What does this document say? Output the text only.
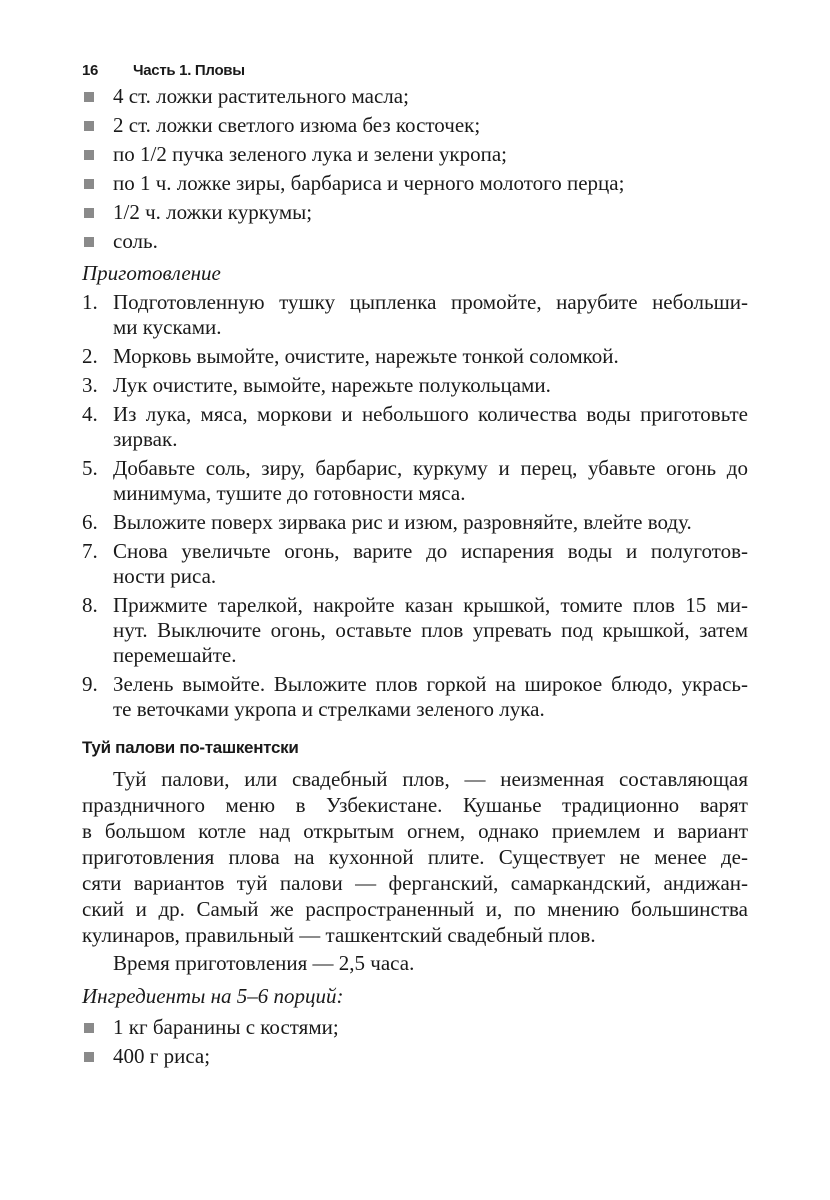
16 Часть 1. Пловы
4 ст. ложки растительного масла;
2 ст. ложки светлого изюма без косточек;
по 1/2 пучка зеленого лука и зелени укропа;
по 1 ч. ложке зиры, барбариса и черного молотого перца;
1/2 ч. ложки куркумы;
соль.
Приготовление
1. Подготовленную тушку цыпленка промойте, нарубите небольши-
ми кусками.
2. Морковь вымойте, очистите, нарежьте тонкой соломкой.
3. Лук очистите, вымойте, нарежьте полукольцами.
4. Из лука, мяса, моркови и небольшого количества воды приготовьте
зирвак.
5. Добавьте соль, зиру, барбарис, куркуму и перец, убавьте огонь до
минимума, тушите до готовности мяса.
6. Выложите поверх зирвака рис и изюм, разровняйте, влейте воду.
7. Снова увеличьте огонь, варите до испарения воды и полуготов-
ности риса.
8. Прижмите тарелкой, накройте казан крышкой, томите плов 15 ми-
нут. Выключите огонь, оставьте плов упревать под крышкой, затем
перемешайте.
9. Зелень вымойте. Выложите плов горкой на широкое блюдо, укрась-
те веточками укропа и стрелками зеленого лука.
Туй палови по-ташкентски
Туй палови, или свадебный плов, — неизменная составляющая
праздничного меню в Узбекистане. Кушанье традиционно варят
в большом котле над открытым огнем, однако приемлем и вариант
приготовления плова на кухонной плите. Существует не менее де-
сяти вариантов туй палови — ферганский, самаркандский, андижан-
ский и др. Самый же распространенный и, по мнению большинства
кулинаров, правильный — ташкентский свадебный плов.
Время приготовления — 2,5 часа.
Ингредиенты на 5–6 порций:
1 кг баранины с костями;
400 г риса;
